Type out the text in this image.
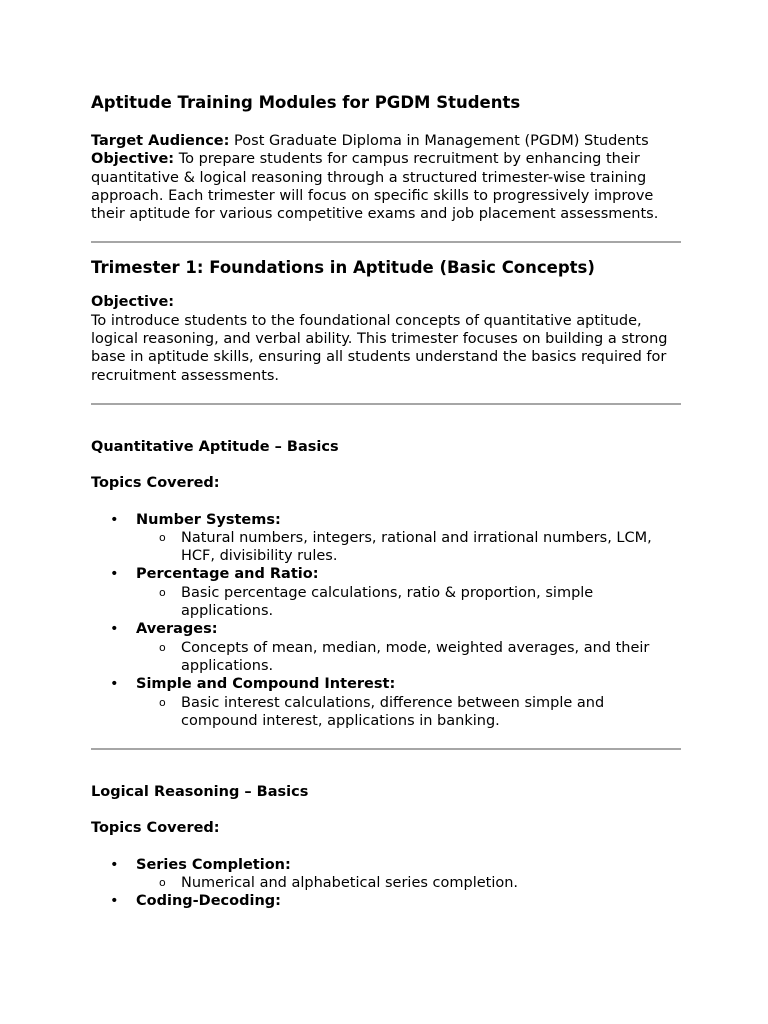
Aptitude Training Modules for PGDM Students

Target Audience: Post Graduate Diploma in Management (PGDM) Students

Objective: To prepare students for campus recruitment by enhancing their quantitative & logical reasoning through a structured trimester-wise training approach. Each trimester will focus on specific skills to progressively improve their aptitude for various competitive exams and job placement assessments.

Trimester 1: Foundations in Aptitude (Basic Concepts)

Objective:

To introduce students to the foundational concepts of quantitative aptitude, logical reasoning, and verbal ability. This trimester focuses on building a strong base in aptitude skills, ensuring all students understand the basics required for recruitment assessments.

Quantitative Aptitude – Basics

Topics Covered:

• Number Systems:
o Natural numbers, integers, rational and irrational numbers, LCM, HCF, divisibility rules.
• Percentage and Ratio:
o Basic percentage calculations, ratio & proportion, simple applications.
• Averages:
o Concepts of mean, median, mode, weighted averages, and their applications.
• Simple and Compound Interest:
o Basic interest calculations, difference between simple and compound interest, applications in banking.

Logical Reasoning – Basics

Topics Covered:

• Series Completion:
o Numerical and alphabetical series completion.
• Coding-Decoding:
